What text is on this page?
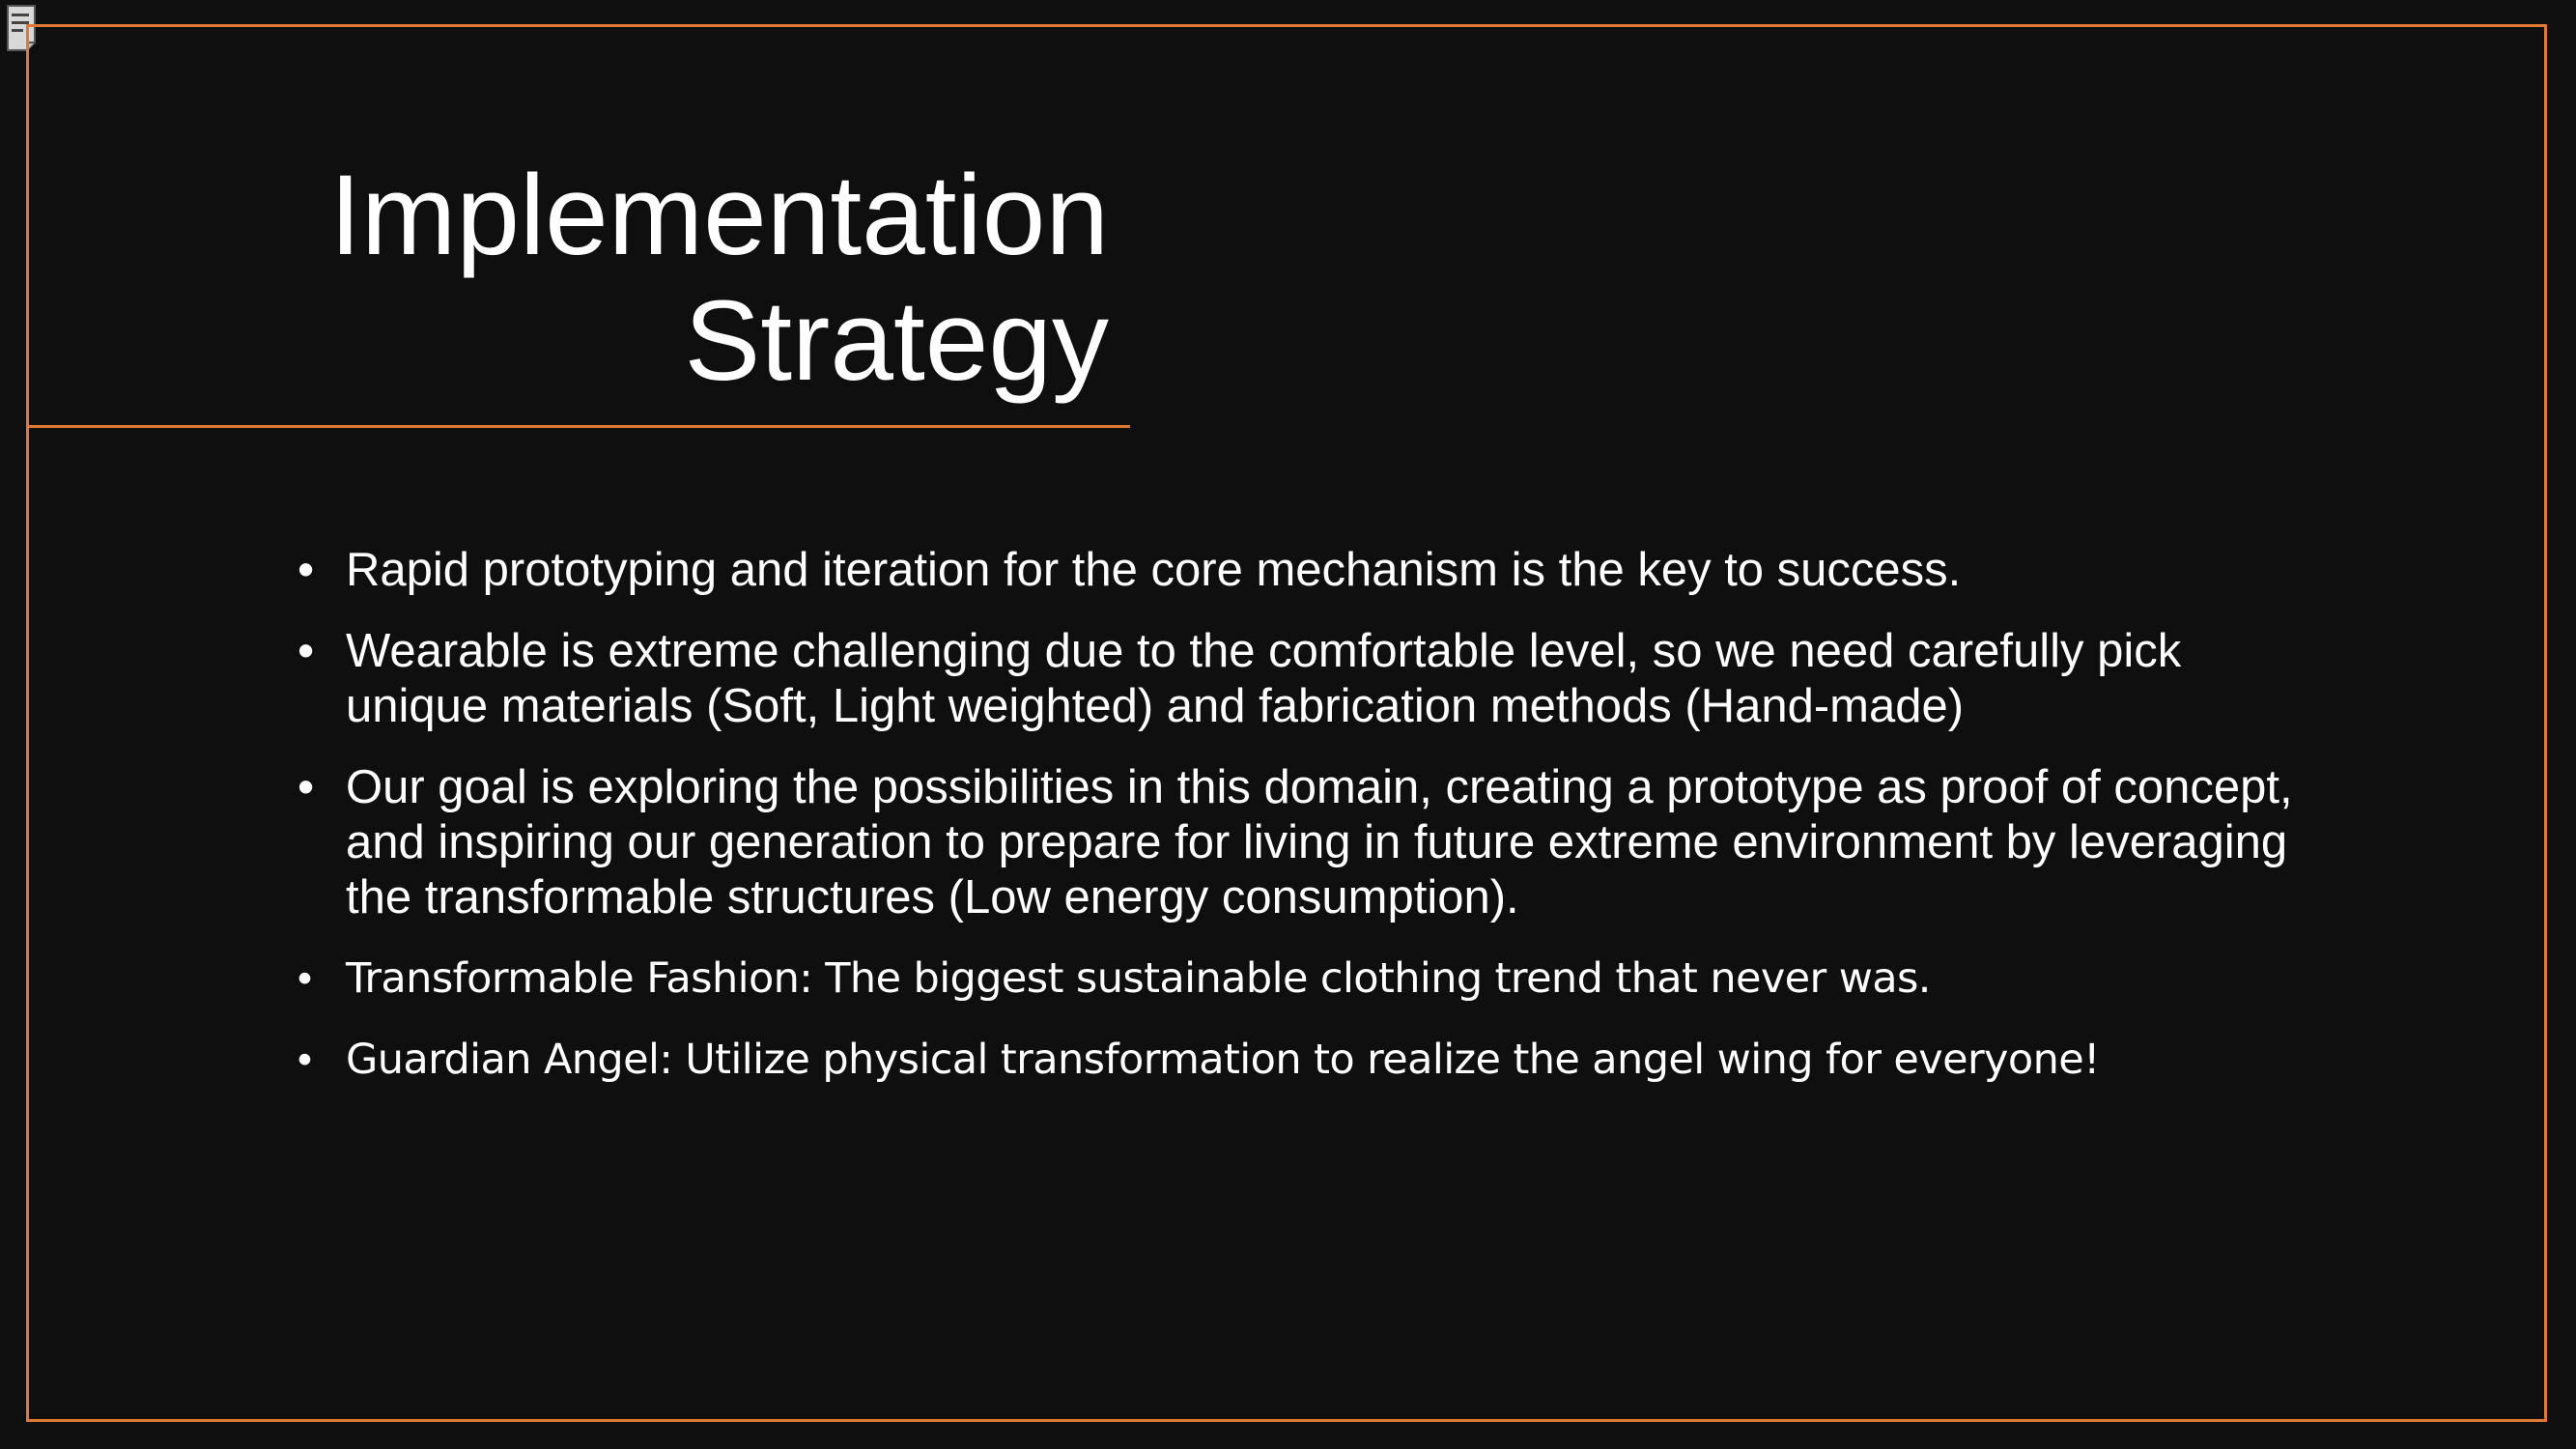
Implementation
Strategy
• Rapid prototyping and iteration for the core mechanism is the key to success.
• Wearable is extreme challenging due to the comfortable level, so we need carefully pick unique materials (Soft, Light weighted) and fabrication methods (Hand-made)
• Our goal is exploring the possibilities in this domain, creating a prototype as proof of concept, and inspiring our generation to prepare for living in future extreme environment by leveraging the transformable structures (Low energy consumption).
• Transformable Fashion: The biggest sustainable clothing trend that never was.
• Guardian Angel: Utilize physical transformation to realize the angel wing for everyone!
